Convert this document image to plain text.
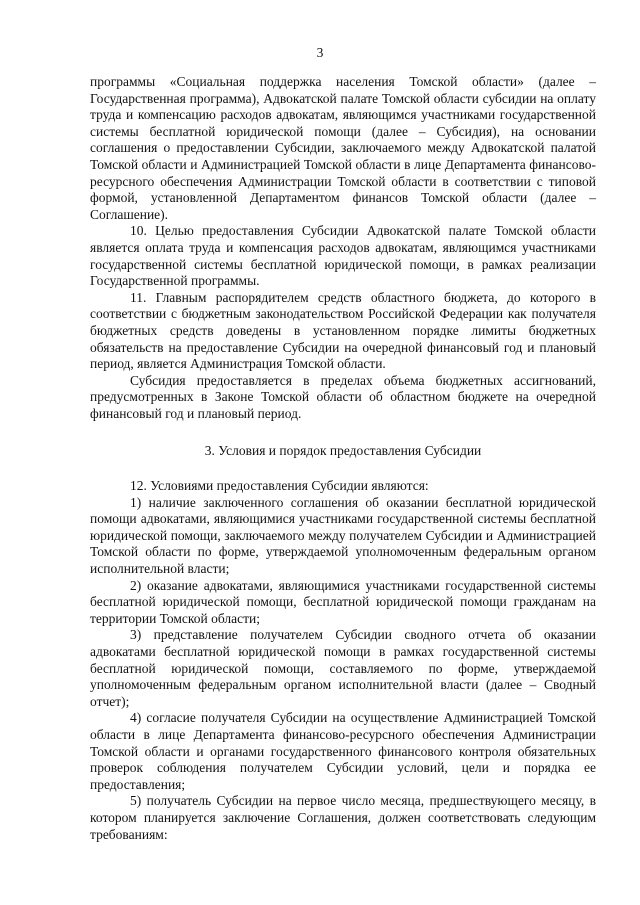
3

программы «Социальная поддержка населения Томской области» (далее – Государственная программа), Адвокатской палате Томской области субсидии на оплату труда и компенсацию расходов адвокатам, являющимся участниками государственной системы бесплатной юридической помощи (далее – Субсидия), на основании соглашения о предоставлении Субсидии, заключаемого между Адвокатской палатой Томской области и Администрацией Томской области в лице Департамента финансово-ресурсного обеспечения Администрации Томской области в соответствии с типовой формой, установленной Департаментом финансов Томской области (далее – Соглашение).

10. Целью предоставления Субсидии Адвокатской палате Томской области является оплата труда и компенсация расходов адвокатам, являющимся участниками государственной системы бесплатной юридической помощи, в рамках реализации Государственной программы.

11. Главным распорядителем средств областного бюджета, до которого в соответствии с бюджетным законодательством Российской Федерации как получателя бюджетных средств доведены в установленном порядке лимиты бюджетных обязательств на предоставление Субсидии на очередной финансовый год и плановый период, является Администрация Томской области.

Субсидия предоставляется в пределах объема бюджетных ассигнований, предусмотренных в Законе Томской области об областном бюджете на очередной финансовый год и плановый период.

3. Условия и порядок предоставления Субсидии

12. Условиями предоставления Субсидии являются:

1) наличие заключенного соглашения об оказании бесплатной юридической помощи адвокатами, являющимися участниками государственной системы бесплатной юридической помощи, заключаемого между получателем Субсидии и Администрацией Томской области по форме, утверждаемой уполномоченным федеральным органом исполнительной власти;

2) оказание адвокатами, являющимися участниками государственной системы бесплатной юридической помощи, бесплатной юридической помощи гражданам на территории Томской области;

3) представление получателем Субсидии сводного отчета об оказании адвокатами бесплатной юридической помощи в рамках государственной системы бесплатной юридической помощи, составляемого по форме, утверждаемой уполномоченным федеральным органом исполнительной власти (далее – Сводный отчет);

4) согласие получателя Субсидии на осуществление Администрацией Томской области в лице Департамента финансово-ресурсного обеспечения Администрации Томской области и органами государственного финансового контроля обязательных проверок соблюдения получателем Субсидии условий, цели и порядка ее предоставления;

5) получатель Субсидии на первое число месяца, предшествующего месяцу, в котором планируется заключение Соглашения, должен соответствовать следующим требованиям:
